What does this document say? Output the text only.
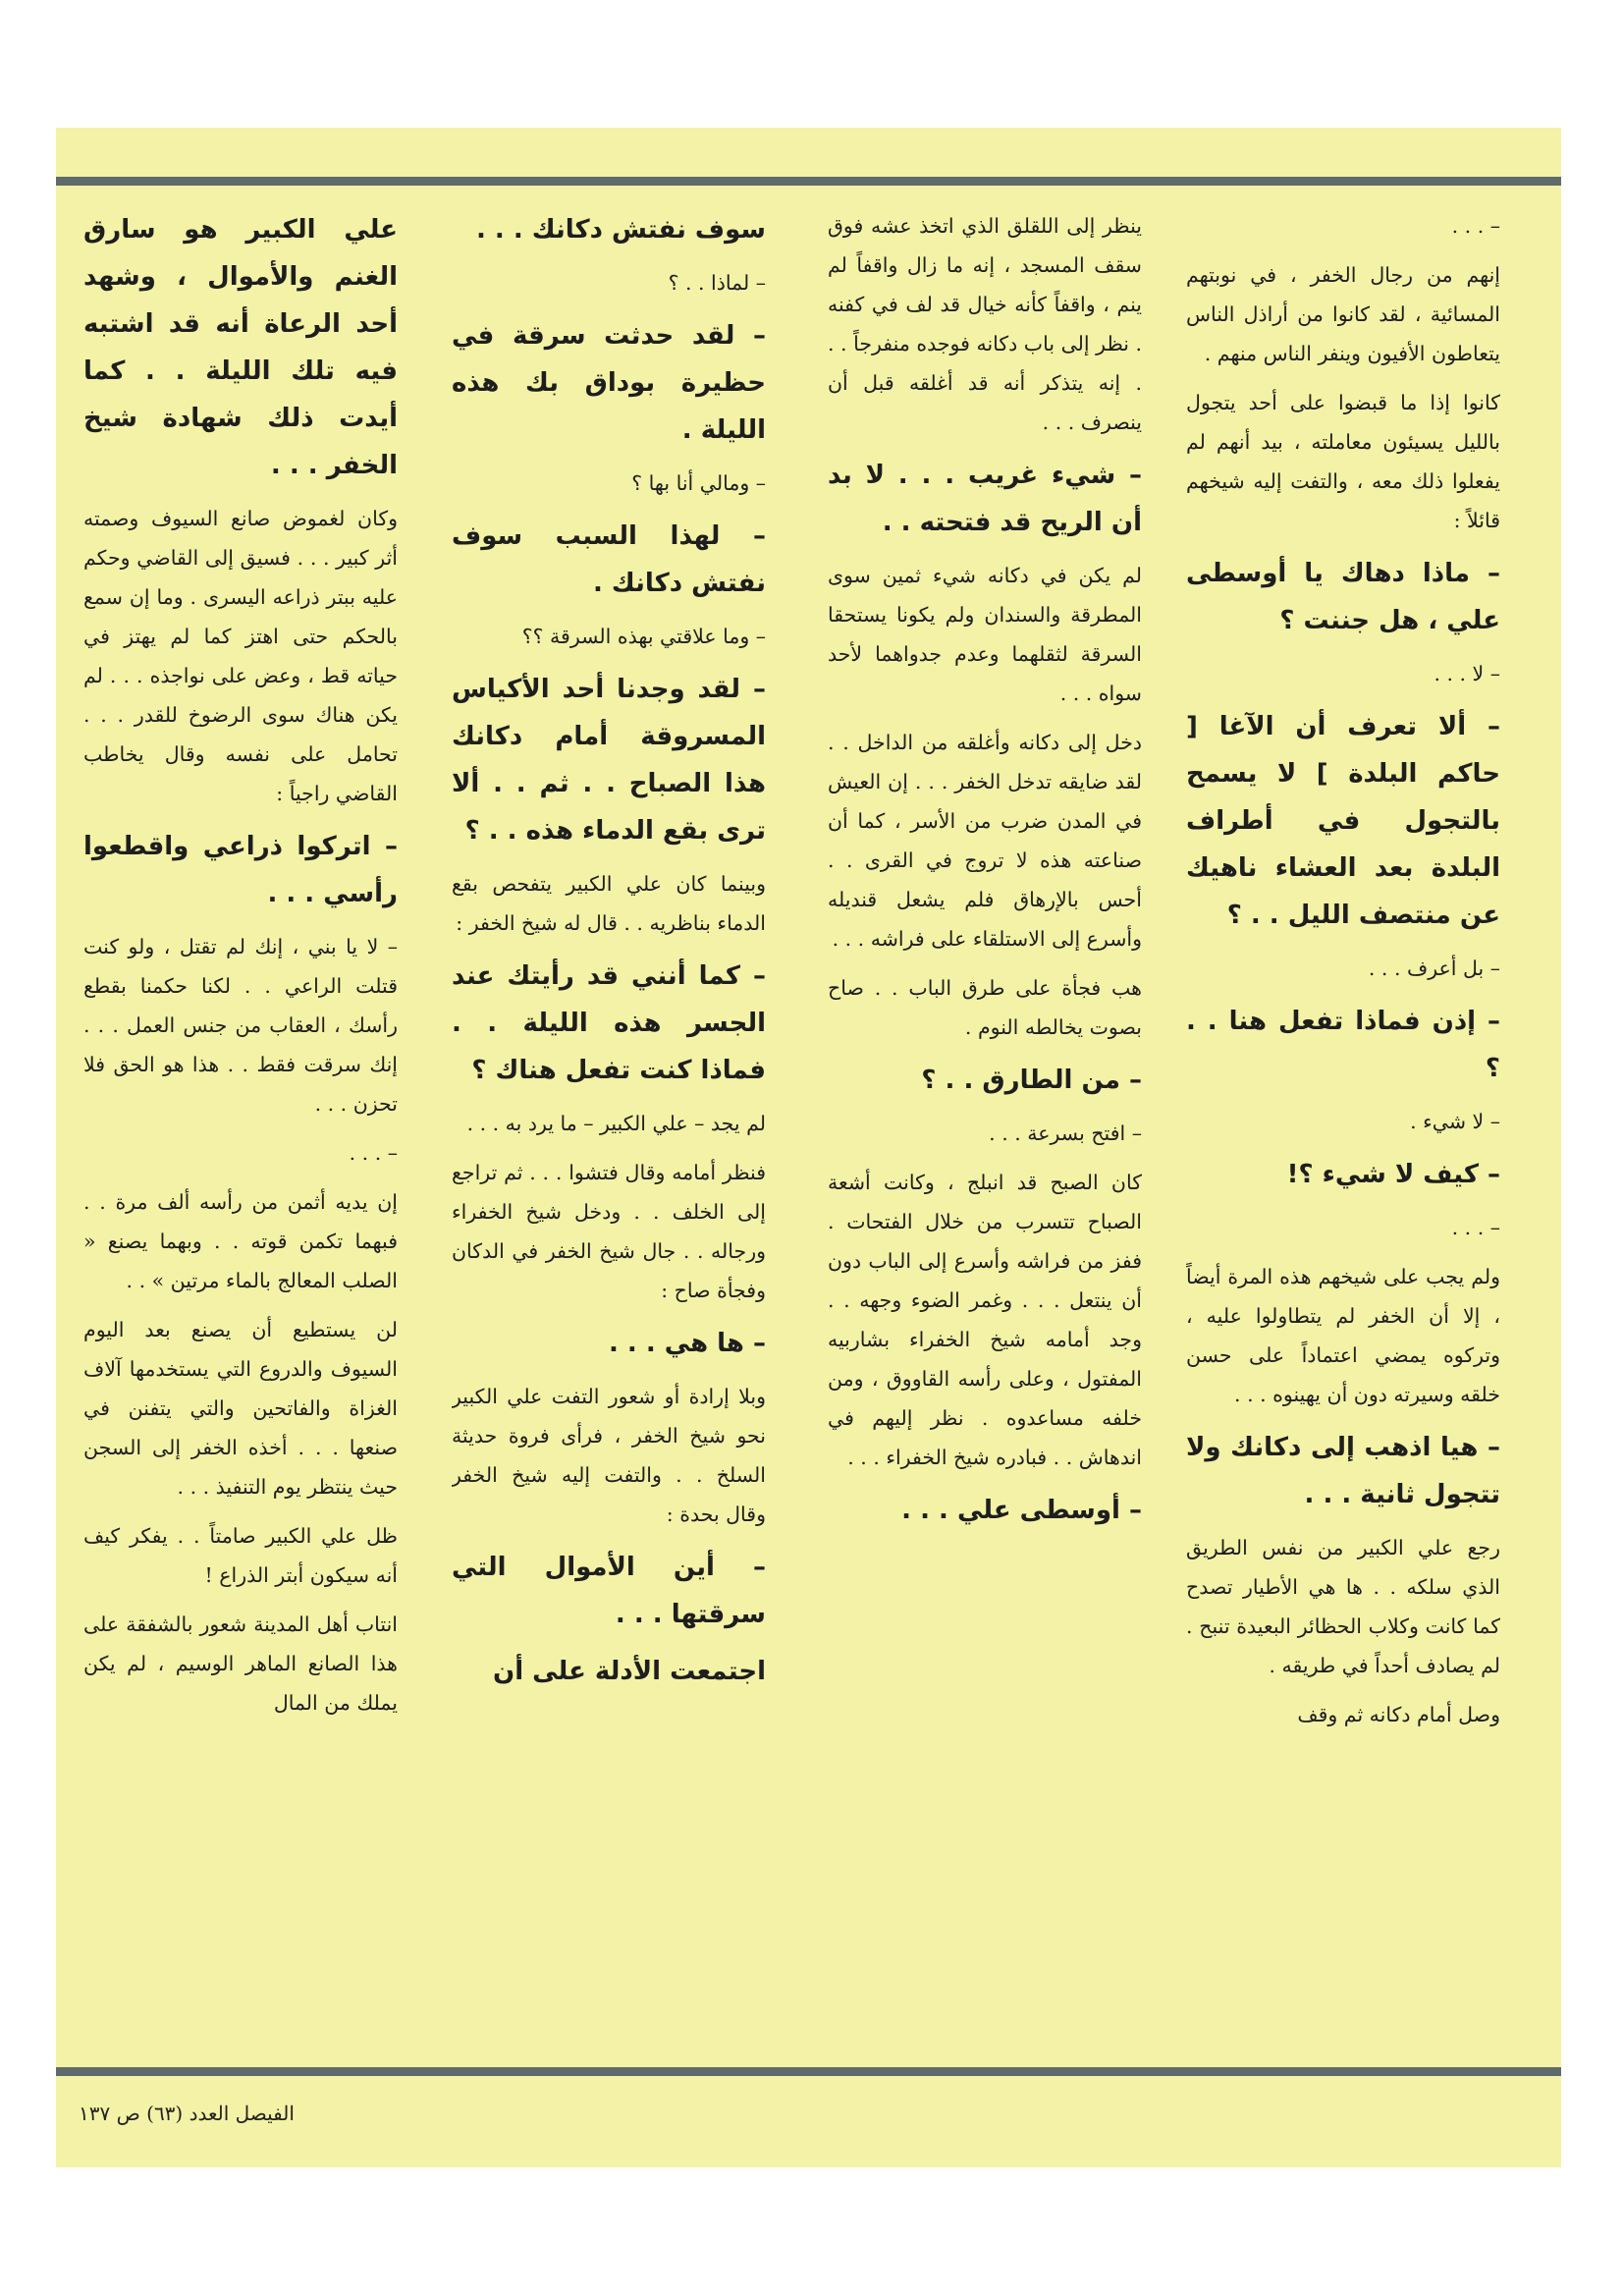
– . . .

إنهم من رجال الخفر ، في نوبتهم المسائية ، لقد كانوا من أراذل الناس يتعاطون الأفيون وينفر الناس منهم .

كانوا إذا ما قبضوا على أحد يتجول بالليل يسيئون معاملته ، بيد أنهم لم يفعلوا ذلك معه ، والتفت إليه شيخهم قائلاً :

– ماذا دهاك يا أوسطى علي ، هل جننت ؟

– لا . . .

– ألا تعرف أن الآغا [ حاكم البلدة ] لا يسمح بالتجول في أطراف البلدة بعد العشاء ناهيك عن منتصف الليل . . ؟

– بل أعرف . . .

– إذن فماذا تفعل هنا . . ؟

– لا شيء .

– كيف لا شيء ؟!

– . . .

ولم يجب على شيخهم هذه المرة أيضاً ، إلا أن الخفر لم يتطاولوا عليه ، وتركوه يمضي اعتماداً على حسن خلقه وسيرته دون أن يهينوه . . .

– هيا اذهب إلى دكانك ولا تتجول ثانية . . .

رجع علي الكبير من نفس الطريق الذي سلكه . . ها هي الأطيار تصدح كما كانت وكلاب الحظائر البعيدة تنبح . لم يصادف أحداً في طريقه .

وصل أمام دكانه ثم وقف

ينظر إلى اللقلق الذي اتخذ عشه فوق سقف المسجد ، إنه ما زال واقفاً لم ينم ، واقفاً كأنه خيال قد لف في كفنه . نظر إلى باب دكانه فوجده منفرجاً . . . إنه يتذكر أنه قد أغلقه قبل أن ينصرف . . .

– شيء غريب . . . لا بد أن الريح قد فتحته . .

لم يكن في دكانه شيء ثمين سوى المطرقة والسندان ولم يكونا يستحقا السرقة لثقلهما وعدم جدواهما لأحد سواه . . .

دخل إلى دكانه وأغلقه من الداخل . . لقد ضايقه تدخل الخفر . . . إن العيش في المدن ضرب من الأسر ، كما أن صناعته هذه لا تروج في القرى . . أحس بالإرهاق فلم يشعل قنديله وأسرع إلى الاستلقاء على فراشه . . .

هب فجأة على طرق الباب . . صاح بصوت يخالطه النوم .

– من الطارق . . ؟

– افتح بسرعة . . .

كان الصبح قد انبلج ، وكانت أشعة الصباح تتسرب من خلال الفتحات . ففز من فراشه وأسرع إلى الباب دون أن ينتعل . . . وغمر الضوء وجهه . . وجد أمامه شيخ الخفراء بشاربيه المفتول ، وعلى رأسه القاووق ، ومن خلفه مساعدوه . نظر إليهم في اندهاش . . فبادره شيخ الخفراء . . .

– أوسطى علي . . .

سوف نفتش دكانك . . .

– لماذا . . ؟

– لقد حدثت سرقة في حظيرة بوداق بك هذه الليلة .

– ومالي أنا بها ؟

– لهذا السبب سوف نفتش دكانك .

– وما علاقتي بهذه السرقة ؟؟

– لقد وجدنا أحد الأكياس المسروقة أمام دكانك هذا الصباح . . ثم . . ألا ترى بقع الدماء هذه . . ؟

وبينما كان علي الكبير يتفحص بقع الدماء بناظريه . . قال له شيخ الخفر :

– كما أنني قد رأيتك عند الجسر هذه الليلة . . فماذا كنت تفعل هناك ؟

لم يجد – علي الكبير – ما يرد به . . .

فنظر أمامه وقال فتشوا . . . ثم تراجع إلى الخلف . . ودخل شيخ الخفراء ورجاله . . جال شيخ الخفر في الدكان وفجأة صاح :

– ها هي . . .

وبلا إرادة أو شعور التفت علي الكبير نحو شيخ الخفر ، فرأى فروة حديثة السلخ . . والتفت إليه شيخ الخفر وقال بحدة :

– أين الأموال التي سرقتها . . .

اجتمعت الأدلة على أن

علي الكبير هو سارق الغنم والأموال ، وشهد أحد الرعاة أنه قد اشتبه فيه تلك الليلة . . كما أيدت ذلك شهادة شيخ الخفر . . .

وكان لغموض صانع السيوف وصمته أثر كبير . . . فسيق إلى القاضي وحكم عليه ببتر ذراعه اليسرى . وما إن سمع بالحكم حتى اهتز كما لم يهتز في حياته قط ، وعض على نواجذه . . . لم يكن هناك سوى الرضوخ للقدر . . . تحامل على نفسه وقال يخاطب القاضي راجياً :

– اتركوا ذراعي واقطعوا رأسي . . .

– لا يا بني ، إنك لم تقتل ، ولو كنت قتلت الراعي . . لكنا حكمنا بقطع رأسك ، العقاب من جنس العمل . . . إنك سرقت فقط . . هذا هو الحق فلا تحزن . . .

– . . .

إن يديه أثمن من رأسه ألف مرة . . فبهما تكمن قوته . . وبهما يصنع « الصلب المعالج بالماء مرتين » . .

لن يستطيع أن يصنع بعد اليوم السيوف والدروع التي يستخدمها آلاف الغزاة والفاتحين والتي يتفنن في صنعها . . . أخذه الخفر إلى السجن حيث ينتظر يوم التنفيذ . . .

ظل علي الكبير صامتاً . . يفكر كيف أنه سيكون أبتر الذراع !

انتاب أهل المدينة شعور بالشفقة على هذا الصانع الماهر الوسيم ، لم يكن يملك من المال

الفيصل العدد (٦٣) ص ١٣٧
